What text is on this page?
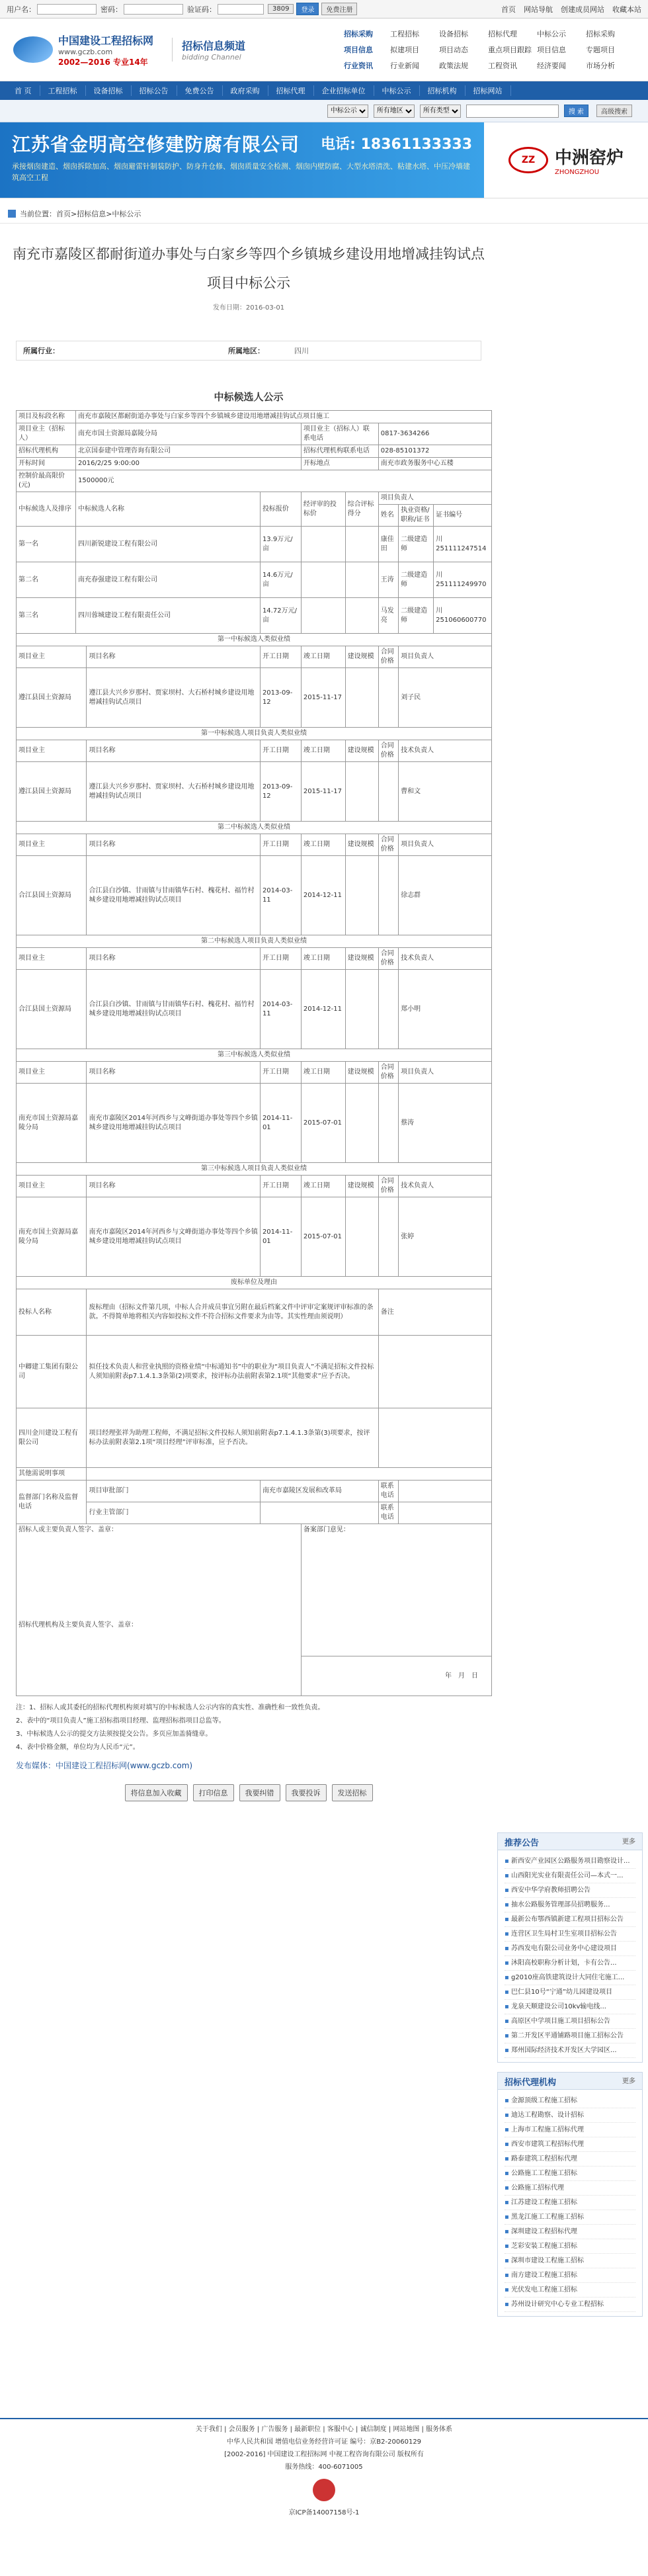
用户名：	密码：	验证码：	3809	登录	免费注册	首页 网站导航 创建成员网站 收藏本站
中国建设工程招标网
www.gczb.com
2002—2016 专业14年
招标信息频道
bidding Channel
招标采购	工程招标	设备招标	招标代理	中标公示	招标采购
项目信息	拟建项目	项目动态	重点项目跟踪 项目信息	专题项目
行业资讯	行业新闻	政策法规	工程资讯	经济要闻	市场分析
首 页	工程招标	设备招标	招标公告	免费公告	政府采购	招标代理	企业招标单位	中标公示	招标机构	招标网站
中标公示
所有地区
所有类型
搜 索	高级搜索
江苏省金明高空修建防腐有限公司 电话: 18361133333
承接烟囱建造、烟囱拆除加高、烟囱避雷针制装防护、防身升仓修、烟囱质量安全检测、烟囱内壁防腐、大型水塔清洗、粘建水塔、中压冷墙建筑高空工程
ZZ 中洲窑炉
ZHONGZHOU
当前位置：首页>招标信息>中标公示
南充市嘉陵区都耐街道办事处与白家乡等四个乡镇城乡建设用地增减挂钩试点项目中标公示
发布日期：2016-03-01
所属行业：	所属地区：	四川
中标候选人公示
项目及标段名称	南充市嘉陵区都耐街道办事处与白家乡等四个乡镇城乡建设用地增减挂钩试点项目施工							
项目业主（招标人）	南充市国土资源局嘉陵分局			项目业主（招标人）联系电话		0817-3634266		
招标代理机构	北京国泰建中管理咨询有限公司			招标代理机构联系电话		028-85101372		
开标时间	2016/2/25 9:00:00			开标地点		南充市政务服务中心五楼		
控制价最高限价(元)	1500000元							
中标候选人及排序	中标候选人名称		投标报价	经评审的投标价	综合评标得分	项目负责人		
						姓名	执业资格/职称/证书	证书编号
第一名	四川新锐建设工程有限公司		13.9万元/亩			康佳田	二级建造师	川251111247514
第二名	南充春强建设工程有限公司		14.6万元/亩			王涛	二级建造师	川251111249970
第三名	四川蓉城建设工程有限责任公司		14.72万元/亩			马发亮	二级建造师	川251060600770
第一中标候选人类似业绩								
项目业主		项目名称	开工日期	竣工日期	建设规模	合同价格	项目负责人	
遵江县国土资源局		遵江县大兴乡岁那村、贾家坝村、大石桥村城乡建设用地增减挂钩试点项目	2013-09-12	2015-11-17			刘子民	
第一中标候选人项目负责人类似业绩								
项目业主		项目名称	开工日期	竣工日期	建设规模	合同价格	技术负责人	
遵江县国土资源局		遵江县大兴乡岁那村、贾家坝村、大石桥村城乡建设用地增减挂钩试点项目	2013-09-12	2015-11-17			曹和文	
第二中标候选人类似业绩								
项目业主		项目名称	开工日期	竣工日期	建设规模	合同价格	项目负责人	
合江县国土资源局		合江县白沙镇、甘雨镇与甘雨镇华石村、槐花村、福竹村城乡建设用地增减挂钩试点项目	2014-03-11	2014-12-11			徐志群	
第二中标候选人项目负责人类似业绩								
项目业主		项目名称	开工日期	竣工日期	建设规模	合同价格	技术负责人	
合江县国土资源局		合江县白沙镇、甘雨镇与甘雨镇华石村、槐花村、福竹村城乡建设用地增减挂钩试点项目	2014-03-11	2014-12-11			郑小明	
第三中标候选人类似业绩								
项目业主		项目名称	开工日期	竣工日期	建设规模	合同价格	项目负责人	
南充市国土资源局嘉陵分局		南充市嘉陵区2014年河西乡与文峰街道办事处等四个乡镇城乡建设用地增减挂钩试点项目	2014-11-01	2015-07-01			蔡涛	
第三中标候选人项目负责人类似业绩								
项目业主		项目名称	开工日期	竣工日期	建设规模	合同价格	技术负责人	
南充市国土资源局嘉陵分局		南充市嘉陵区2014年河西乡与文峰街道办事处等四个乡镇城乡建设用地增减挂钩试点项目	2014-11-01	2015-07-01			张婷	
废标单位及理由								
投标人名称		废标理由（招标文件第几项，中标人合并成员事宜另附在最后档案文件中评审定案规评审标准的条款。不得简单地将相关内容如投标文件不符合招标文件要求为由等。其实性理由须说明）				备注		
中卿建工集团有限公司		拟任技术负责人和营业执照的资格业绩“中标通知书”中的职业为“项目负责人”不满足招标文件投标人须知前附表p7.1.4.1.3条第(2)项要求，按评标办法前附表第2.1项“其他要求”应予否决。						
四川金川建设工程有限公司		项目经理张祥为助理工程师，不满足招标文件投标人须知前附表p7.1.4.1.3条第(3)项要求，按评标办法前附表第2.1项“项目经理”评审标准，应予否决。						
其他需说明事项								
监督部门名称及监督电话		项目审批部门	南充市嘉陵区发展和改革局			联系电话		
		行业主管部门				联系电话		

招标人或主要负责人签字、盖章：
招标代理机构及主要负责人签字、盖章：				备案部门意见：				

				年　月　日				
注：1、招标人或其委托的招标代理机构须对填写的中标候选人公示内容的真实性、准确性和一致性负责。
2、表中的“项目负责人”施工招标指项目经理、监理招标指项目总监等。
3、中标候选人公示的提交方法须按提交公告。多页应加盖骑缝章。
4、表中价格金额，单位均为人民币“元”。
发布媒体：中国建设工程招标网(www.gczb.com)
将信息加入收藏	打印信息	我要纠错	我要投诉	发送招标
推荐公告	更多
▪ 新西安产业园区公路服务项目勘察设计...
▪ 山西阳光实业有限责任公司—本式一...
▪ 西安中华学府教师招聘公告
▪ 抽水公路服务管理部员招聘服务...
▪ 最新公布鄂西镇新建工程项目招标公告
▪ 连营区卫生局村卫生室项目招标公告
▪ 苏西发电有限公司业务中心建设项目
▪ 沐阳高校职称分析计划，卡有公告...
▪ g2010座高铁建筑设计大同住宅施工...
▪ 巴仁县10号“宁通”幼儿园建设项目
▪ 龙泉天顺建设公司10kv输电线...
▪ 高原区中学项目施工项目招标公告
▪ 第二开发区平通铺路项目施工招标公告
▪ 郑州国际经济技术开发区大学园区...
招标代理机构	更多
▪ 金源顶级工程施工招标
▪ 迪达工程勘察、设计招标
▪ 上海市工程施工招标代理
▪ 西安市建筑工程招标代理
▪ 路泰建筑工程招标代理
▪ 公路施工工程施工招标
▪ 公路施工招标代理
▪ 江苏建设工程施工招标
▪ 黑龙江施工工程施工招标
▪ 深圳建设工程招标代理
▪ 芝彩安装工程施工招标
▪ 深圳市建设工程施工招标
▪ 南方建设工程施工招标
▪ 光伏发电工程施工招标
▪ 苏州设计研究中心专业工程招标
关于我们 | 会员服务 | 广告服务 | 最新职位 | 客服中心 | 诚信制度 | 网站地图 | 服务体系
中华人民共和国 增值电信业务经营许可证 编号：京B2-20060129
[2002-2016] 中国建设工程招标网 中视工程咨询有限公司 版权所有
服务热线：400-6071005
京ICP备14007158号-1
